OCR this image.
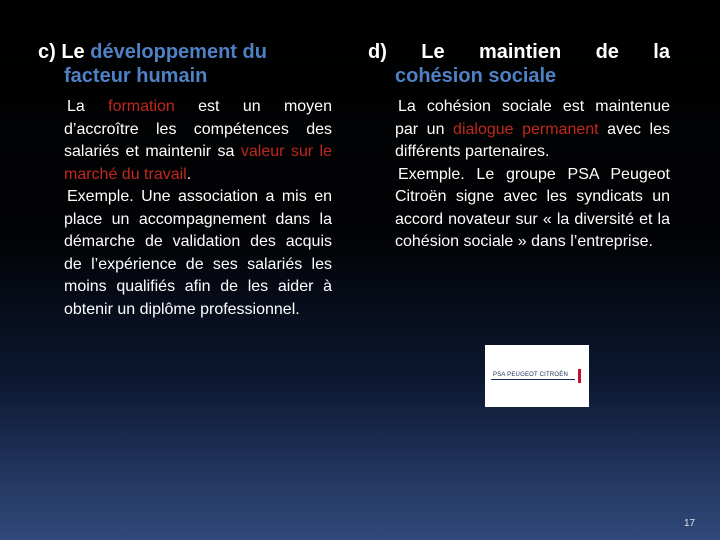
c) Le développement du
facteur humain

La formation est un moyen d’accroître les compétences des salariés et maintenir sa valeur sur le marché du travail.

Exemple. Une association a mis en place un accompagnement dans la démarche de validation des acquis de l’expérience de ses salariés les moins qualifiés afin de les aider à obtenir un diplôme professionnel.

d) Le maintien de la
cohésion sociale

La cohésion sociale est maintenue par un dialogue permanent avec les différents partenaires.

Exemple. Le groupe PSA Peugeot Citroën signe avec les syndicats un accord novateur sur « la diversité et la cohésion sociale » dans l’entreprise.

PSA PEUGEOT CITROËN
17
